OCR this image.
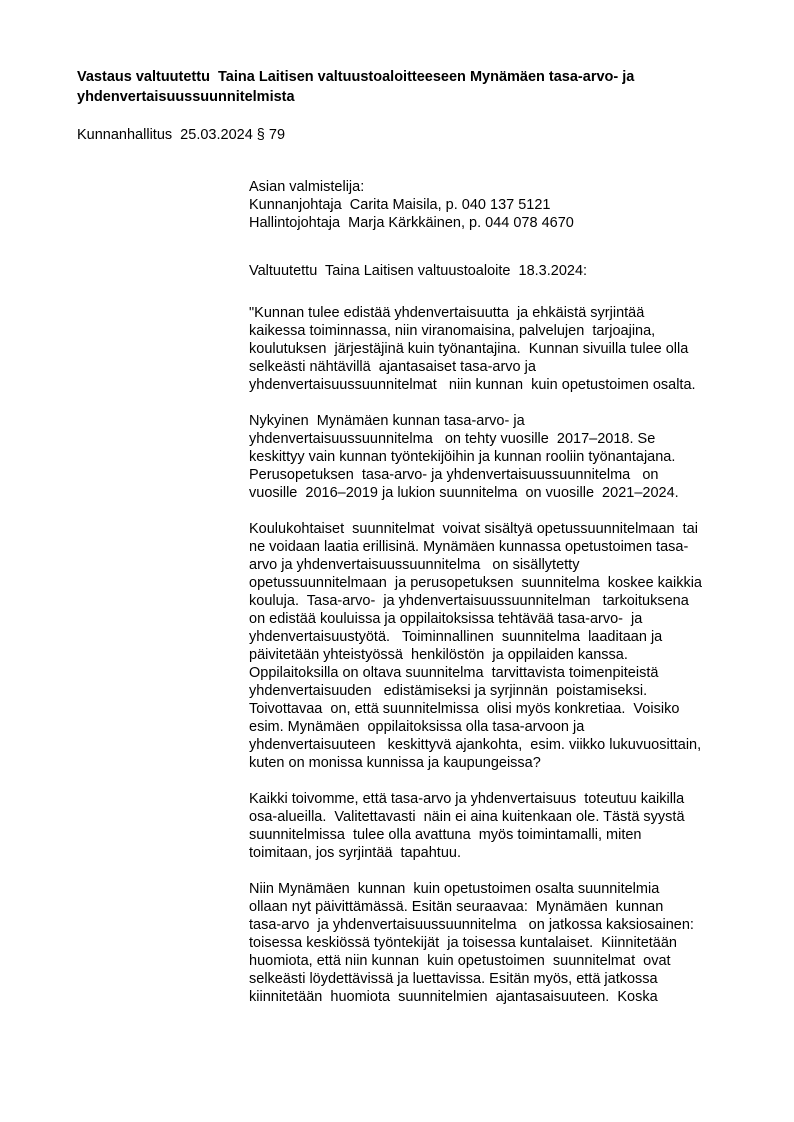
Vastaus valtuutettu  Taina Laitisen valtuustoaloitteeseen Mynämäen tasa-arvo- ja
yhdenvertaisuussuunnitelmista
Kunnanhallitus  25.03.2024 § 79
Asian valmistelija:
Kunnanjohtaja  Carita Maisila, p. 040 137 5121
Hallintojohtaja  Marja Kärkkäinen, p. 044 078 4670
Valtuutettu  Taina Laitisen valtuustoaloite  18.3.2024:
"Kunnan tulee edistää yhdenvertaisuutta  ja ehkäistä syrjintää
kaikessa toiminnassa, niin viranomaisina, palvelujen  tarjoajina,
koulutuksen  järjestäjinä kuin työnantajina.  Kunnan sivuilla tulee olla
selkeästi nähtävillä  ajantasaiset tasa-arvo ja
yhdenvertaisuussuunnitelmat   niin kunnan  kuin opetustoimen osalta.
Nykyinen  Mynämäen kunnan tasa-arvo- ja
yhdenvertaisuussuunnitelma   on tehty vuosille  2017–2018. Se
keskittyy vain kunnan työntekijöihin ja kunnan rooliin työnantajana.
Perusopetuksen  tasa-arvo- ja yhdenvertaisuussuunnitelma   on
vuosille  2016–2019 ja lukion suunnitelma  on vuosille  2021–2024.
Koulukohtaiset  suunnitelmat  voivat sisältyä opetussuunnitelmaan  tai
ne voidaan laatia erillisinä. Mynämäen kunnassa opetustoimen tasa-
arvo ja yhdenvertaisuussuunnitelma   on sisällytetty
opetussuunnitelmaan  ja perusopetuksen  suunnitelma  koskee kaikkia
kouluja.  Tasa-arvo-  ja yhdenvertaisuussuunnitelman   tarkoituksena
on edistää kouluissa ja oppilaitoksissa tehtävää tasa-arvo-  ja
yhdenvertaisuustyötä.   Toiminnallinen  suunnitelma  laaditaan ja
päivitetään yhteistyössä  henkilöstön  ja oppilaiden kanssa.
Oppilaitoksilla on oltava suunnitelma  tarvittavista toimenpiteistä
yhdenvertaisuuden   edistämiseksi ja syrjinnän  poistamiseksi.
Toivottavaa  on, että suunnitelmissa  olisi myös konkretiaa.  Voisiko
esim. Mynämäen  oppilaitoksissa olla tasa-arvoon ja
yhdenvertaisuuteen   keskittyvä ajankohta,  esim. viikko lukuvuosittain,
kuten on monissa kunnissa ja kaupungeissa?
Kaikki toivomme, että tasa-arvo ja yhdenvertaisuus  toteutuu kaikilla
osa-alueilla.  Valitettavasti  näin ei aina kuitenkaan ole. Tästä syystä
suunnitelmissa  tulee olla avattuna  myös toimintamalli, miten
toimitaan, jos syrjintää  tapahtuu.
Niin Mynämäen  kunnan  kuin opetustoimen osalta suunnitelmia
ollaan nyt päivittämässä. Esitän seuraavaa:  Mynämäen  kunnan
tasa-arvo  ja yhdenvertaisuussuunnitelma   on jatkossa kaksiosainen:
toisessa keskiössä työntekijät  ja toisessa kuntalaiset.  Kiinnitetään
huomiota, että niin kunnan  kuin opetustoimen  suunnitelmat  ovat
selkeästi löydettävissä ja luettavissa. Esitän myös, että jatkossa
kiinnitetään  huomiota  suunnitelmien  ajantasaisuuteen.  Koska
